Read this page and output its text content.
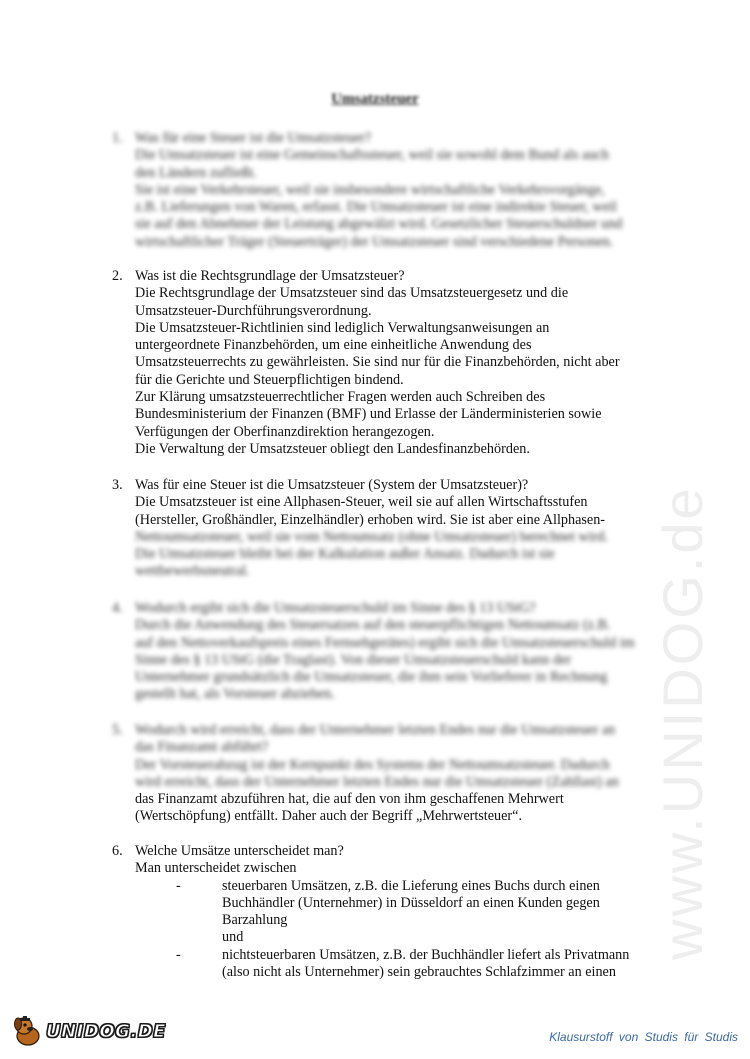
www.UNIDOG.de
Umsatzsteuer
1. Was für eine Steuer ist die Umsatzsteuer?
Die Umsatzsteuer ist eine Gemeinschaftssteuer, weil sie sowohl dem Bund als auch
den Ländern zufließt.
Sie ist eine Verkehrsteuer, weil sie insbesondere wirtschaftliche Verkehrsvorgänge,
z.B. Lieferungen von Waren, erfasst. Die Umsatzsteuer ist eine indirekte Steuer, weil
sie auf den Abnehmer der Leistung abgewälzt wird. Gesetzlicher Steuerschuldner und
wirtschaftlicher Träger (Steuerträger) der Umsatzsteuer sind verschiedene Personen.
2. Was ist die Rechtsgrundlage der Umsatzsteuer?
Die Rechtsgrundlage der Umsatzsteuer sind das Umsatzsteuergesetz und die
Umsatzsteuer-Durchführungsverordnung.
Die Umsatzsteuer-Richtlinien sind lediglich Verwaltungsanweisungen an
untergeordnete Finanzbehörden, um eine einheitliche Anwendung des
Umsatzsteuerrechts zu gewährleisten. Sie sind nur für die Finanzbehörden, nicht aber
für die Gerichte und Steuerpflichtigen bindend.
Zur Klärung umsatzsteuerrechtlicher Fragen werden auch Schreiben des
Bundesministerium der Finanzen (BMF) und Erlasse der Länderministerien sowie
Verfügungen der Oberfinanzdirektion herangezogen.
Die Verwaltung der Umsatzsteuer obliegt den Landesfinanzbehörden.
3. Was für eine Steuer ist die Umsatzsteuer (System der Umsatzsteuer)?
Die Umsatzsteuer ist eine Allphasen-Steuer, weil sie auf allen Wirtschaftsstufen
(Hersteller, Großhändler, Einzelhändler) erhoben wird. Sie ist aber eine Allphasen-
Nettoumsatzsteuer, weil sie vom Nettoumsatz (ohne Umsatzsteuer) berechnet wird.
Die Umsatzsteuer bleibt bei der Kalkulation außer Ansatz. Dadurch ist sie
wettbewerbsneutral.
4. Wodurch ergibt sich die Umsatzsteuerschuld im Sinne des § 13 UStG?
Durch die Anwendung des Steuersatzes auf den steuerpflichtigen Nettoumsatz (z.B.
auf den Nettoverkaufspreis eines Fernsehgerätes) ergibt sich die Umsatzsteuerschuld im
Sinne des § 13 UStG (die Traglast). Von dieser Umsatzsteuerschuld kann der
Unternehmer grundsätzlich die Umsatzsteuer, die ihm sein Vorlieferer in Rechnung
gestellt hat, als Vorsteuer abziehen.
5. Wodurch wird erreicht, dass der Unternehmer letzten Endes nur die Umsatzsteuer an
das Finanzamt abführt?
Der Vorsteuerabzug ist der Kernpunkt des Systems der Nettoumsatzsteuer. Dadurch
wird erreicht, dass der Unternehmer letzten Endes nur die Umsatzsteuer (Zahllast) an
das Finanzamt abzuführen hat, die auf den von ihm geschaffenen Mehrwert
(Wertschöpfung) entfällt. Daher auch der Begriff „Mehrwertsteuer“.
6. Welche Umsätze unterscheidet man?
Man unterscheidet zwischen
-	steuerbaren Umsätzen, z.B. die Lieferung eines Buchs durch einen
Buchhändler (Unternehmer) in Düsseldorf an einen Kunden gegen
Barzahlung
und
-	nichtsteuerbaren Umsätzen, z.B. der Buchhändler liefert als Privatmann
(also nicht als Unternehmer) sein gebrauchtes Schlafzimmer an einen
UNIDOG.DE	Klausurstoff von Studis für Studis
